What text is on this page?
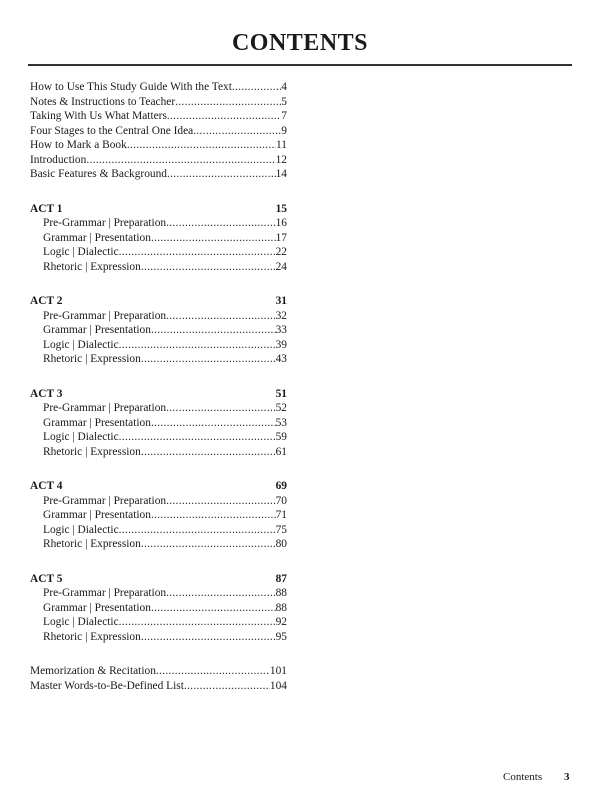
CONTENTS
How to Use This Study Guide With the Text .....	4
Notes & Instructions to Teacher .....	5
Taking With Us What Matters .....	7
Four Stages to the Central One Idea .....	9
How to Mark a Book .....	11
Introduction .....	12
Basic Features & Background .....	14
ACT 1	15
Pre-Grammar | Preparation .....	16
Grammar | Presentation .....	17
Logic | Dialectic .....	22
Rhetoric | Expression .....	24
ACT 2	31
Pre-Grammar | Preparation .....	32
Grammar | Presentation .....	33
Logic | Dialectic .....	39
Rhetoric | Expression .....	43
ACT 3	51
Pre-Grammar | Preparation .....	52
Grammar | Presentation .....	53
Logic | Dialectic .....	59
Rhetoric | Expression .....	61
ACT 4	69
Pre-Grammar | Preparation .....	70
Grammar | Presentation .....	71
Logic | Dialectic .....	75
Rhetoric | Expression .....	80
ACT 5	87
Pre-Grammar | Preparation .....	88
Grammar | Presentation .....	88
Logic | Dialectic .....	92
Rhetoric | Expression .....	95
Memorization & Recitation .....	101
Master Words-to-Be-Defined List .....	104
Contents 3
